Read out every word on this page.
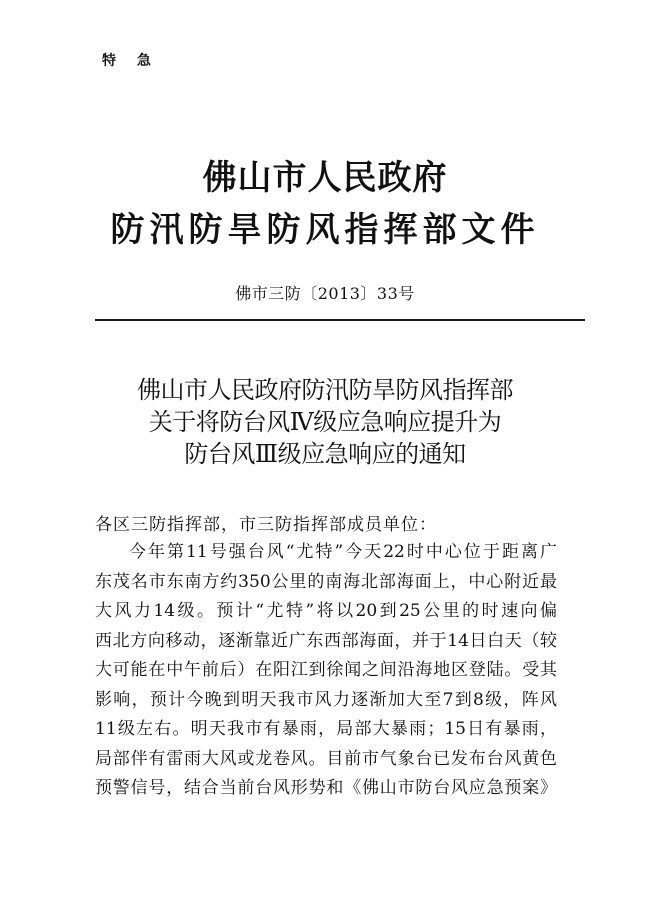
特 急
佛山市人民政府
防汛防旱防风指挥部文件
佛市三防〔2013〕33号
佛山市人民政府防汛防旱防风指挥部
关于将防台风Ⅳ级应急响应提升为
防台风Ⅲ级应急响应的通知
各区三防指挥部，市三防指挥部成员单位：
今年第11号强台风“尤特”今天22时中心位于距离广
东茂名市东南方约350公里的南海北部海面上，中心附近最
大风力14级。预计“尤特”将以20到25公里的时速向偏
西北方向移动，逐渐靠近广东西部海面，并于14日白天（较
大可能在中午前后）在阳江到徐闻之间沿海地区登陆。受其
影响，预计今晚到明天我市风力逐渐加大至7到8级，阵风
11级左右。明天我市有暴雨，局部大暴雨；15日有暴雨，
局部伴有雷雨大风或龙卷风。目前市气象台已发布台风黄色
预警信号，结合当前台风形势和《佛山市防台风应急预案》
